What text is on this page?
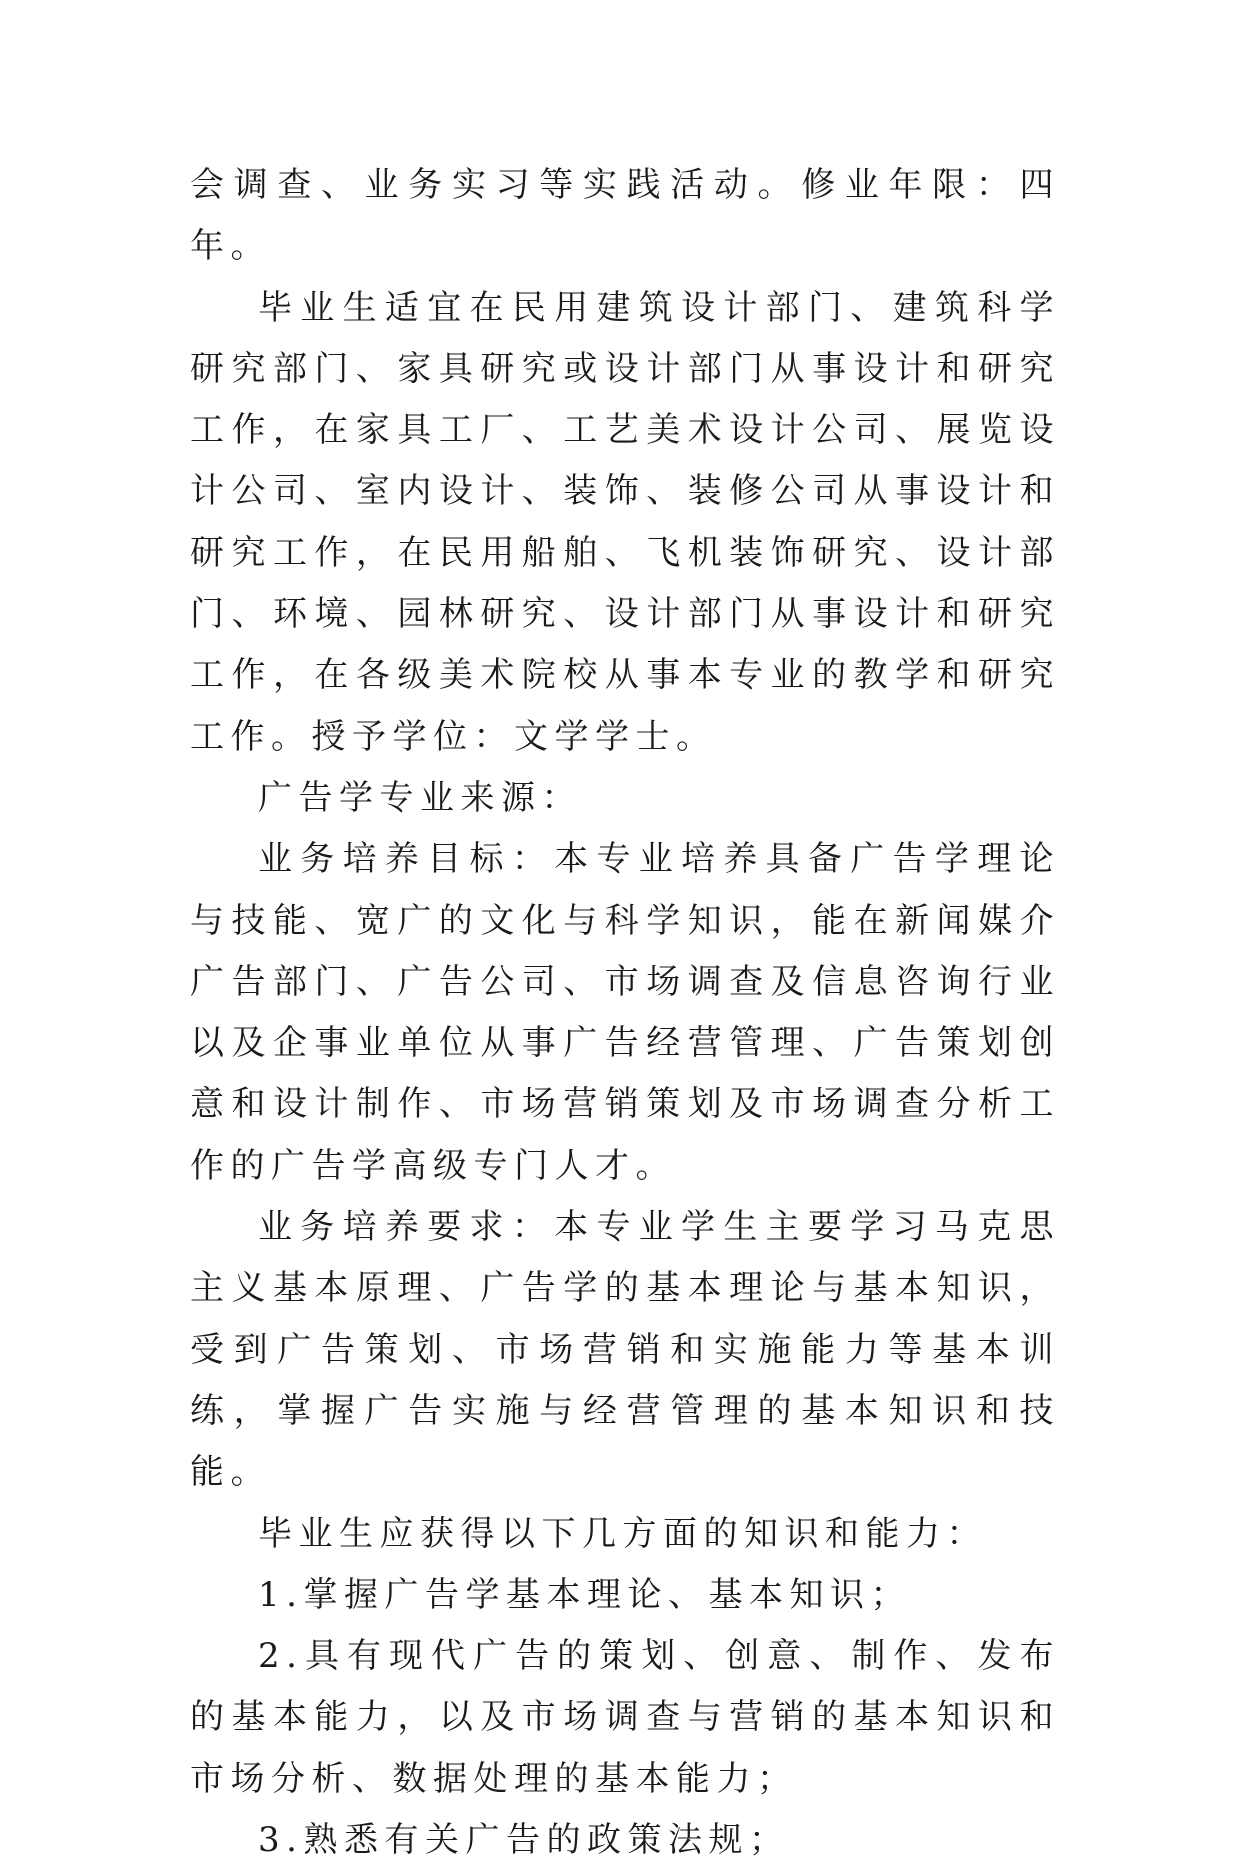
会调查、业务实习等实践活动。修业年限：四年。

毕业生适宜在民用建筑设计部门、建筑科学研究部门、家具研究或设计部门从事设计和研究工作，在家具工厂、工艺美术设计公司、展览设计公司、室内设计、装饰、装修公司从事设计和研究工作，在民用船舶、飞机装饰研究、设计部门、环境、园林研究、设计部门从事设计和研究工作，在各级美术院校从事本专业的教学和研究工作。授予学位：文学学士。

广告学专业来源：

业务培养目标：本专业培养具备广告学理论与技能、宽广的文化与科学知识，能在新闻媒介广告部门、广告公司、市场调查及信息咨询行业以及企事业单位从事广告经营管理、广告策划创意和设计制作、市场营销策划及市场调查分析工作的广告学高级专门人才。

业务培养要求：本专业学生主要学习马克思主义基本原理、广告学的基本理论与基本知识，受到广告策划、市场营销和实施能力等基本训练，掌握广告实施与经营管理的基本知识和技能。

毕业生应获得以下几方面的知识和能力：

1.掌握广告学基本理论、基本知识；

2.具有现代广告的策划、创意、制作、发布的基本能力，以及市场调查与营销的基本知识和市场分析、数据处理的基本能力；

3.熟悉有关广告的政策法规；
